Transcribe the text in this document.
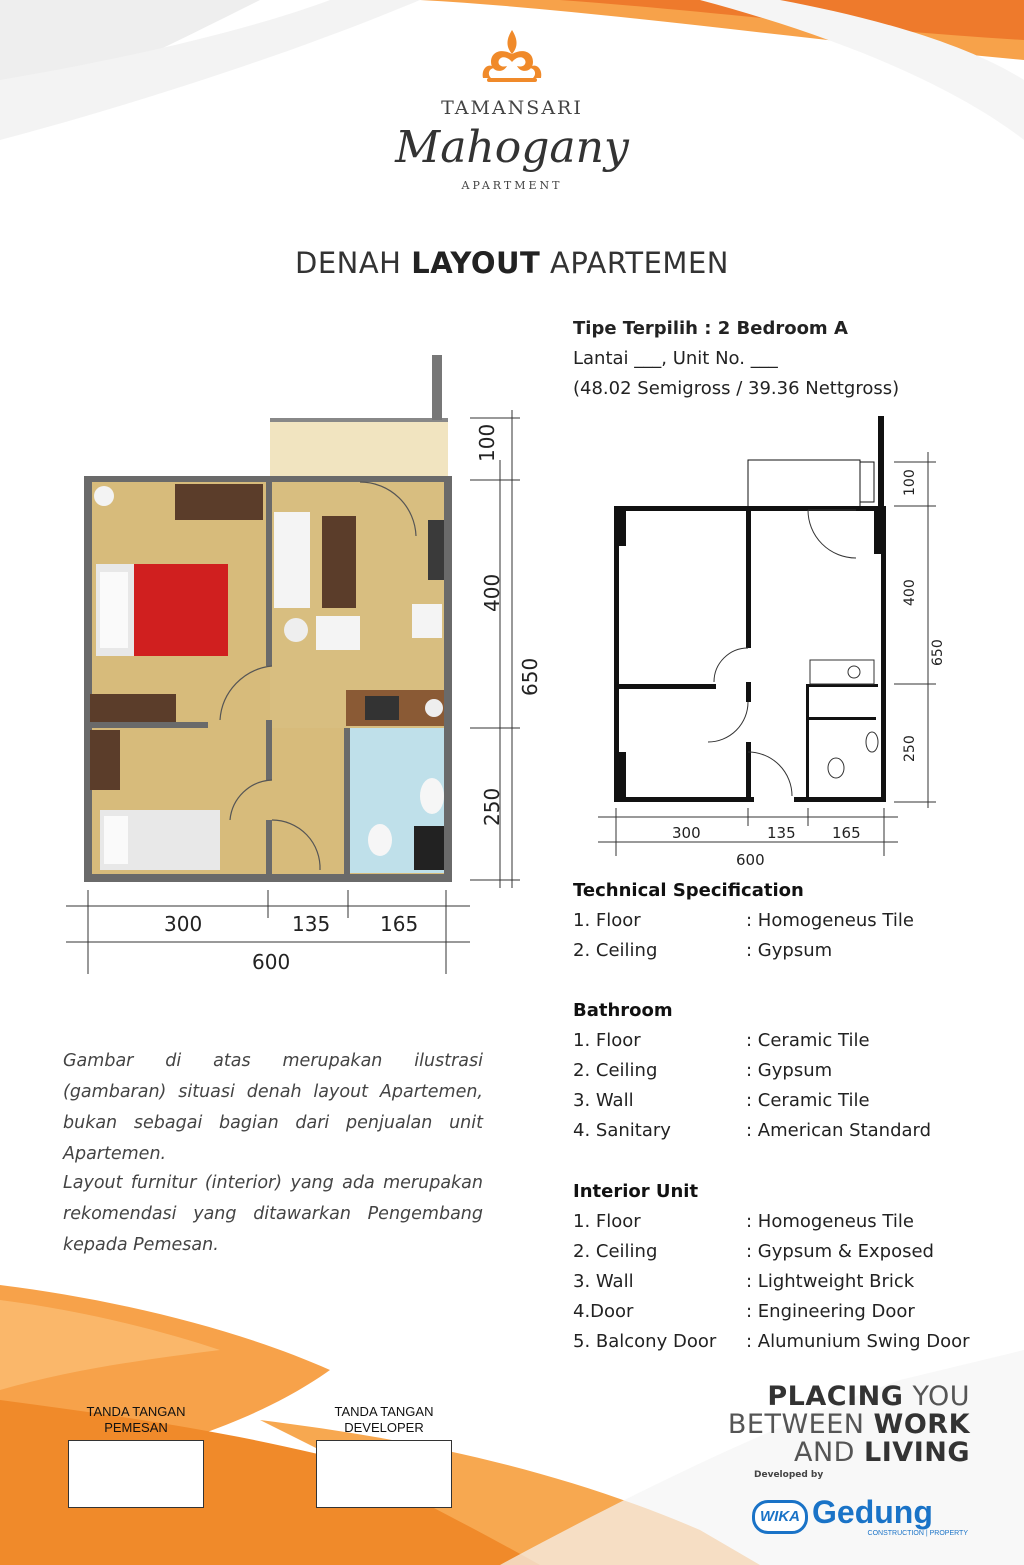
TAMANSARI
Mahogany
APARTMENT
DENAH LAYOUT APARTEMEN
100
400
250
650
300	135 165
600
Tipe Terpilih : 2 Bedroom A
Lantai ___, Unit No. ___
(48.02 Semigross / 39.36 Nettgross)
100
400
250
650
300	135 165
600
Technical Specification
1. Floor	: Homogeneus Tile
2. Ceiling	: Gypsum
Bathroom
1. Floor	: Ceramic Tile
2. Ceiling	: Gypsum
3. Wall	: Ceramic Tile
4. Sanitary	: American Standard
Interior Unit
1. Floor	: Homogeneus Tile
2. Ceiling	: Gypsum & Exposed
3. Wall	: Lightweight Brick
4.Door	: Engineering Door
5. Balcony Door : Alumunium Swing Door
Gambar di atas merupakan ilustrasi (gambaran) situasi denah layout Apartemen, bukan sebagai bagian dari penjualan unit Apartemen.
Layout furnitur (interior) yang ada merupakan rekomendasi yang ditawarkan Pengembang kepada Pemesan.
TANDA TANGAN
PEMESAN
TANDA TANGAN
DEVELOPER
PLACING YOU
BETWEEN WORK
AND LIVING
Developed by
WIKA Gedung
CONSTRUCTION | PROPERTY
